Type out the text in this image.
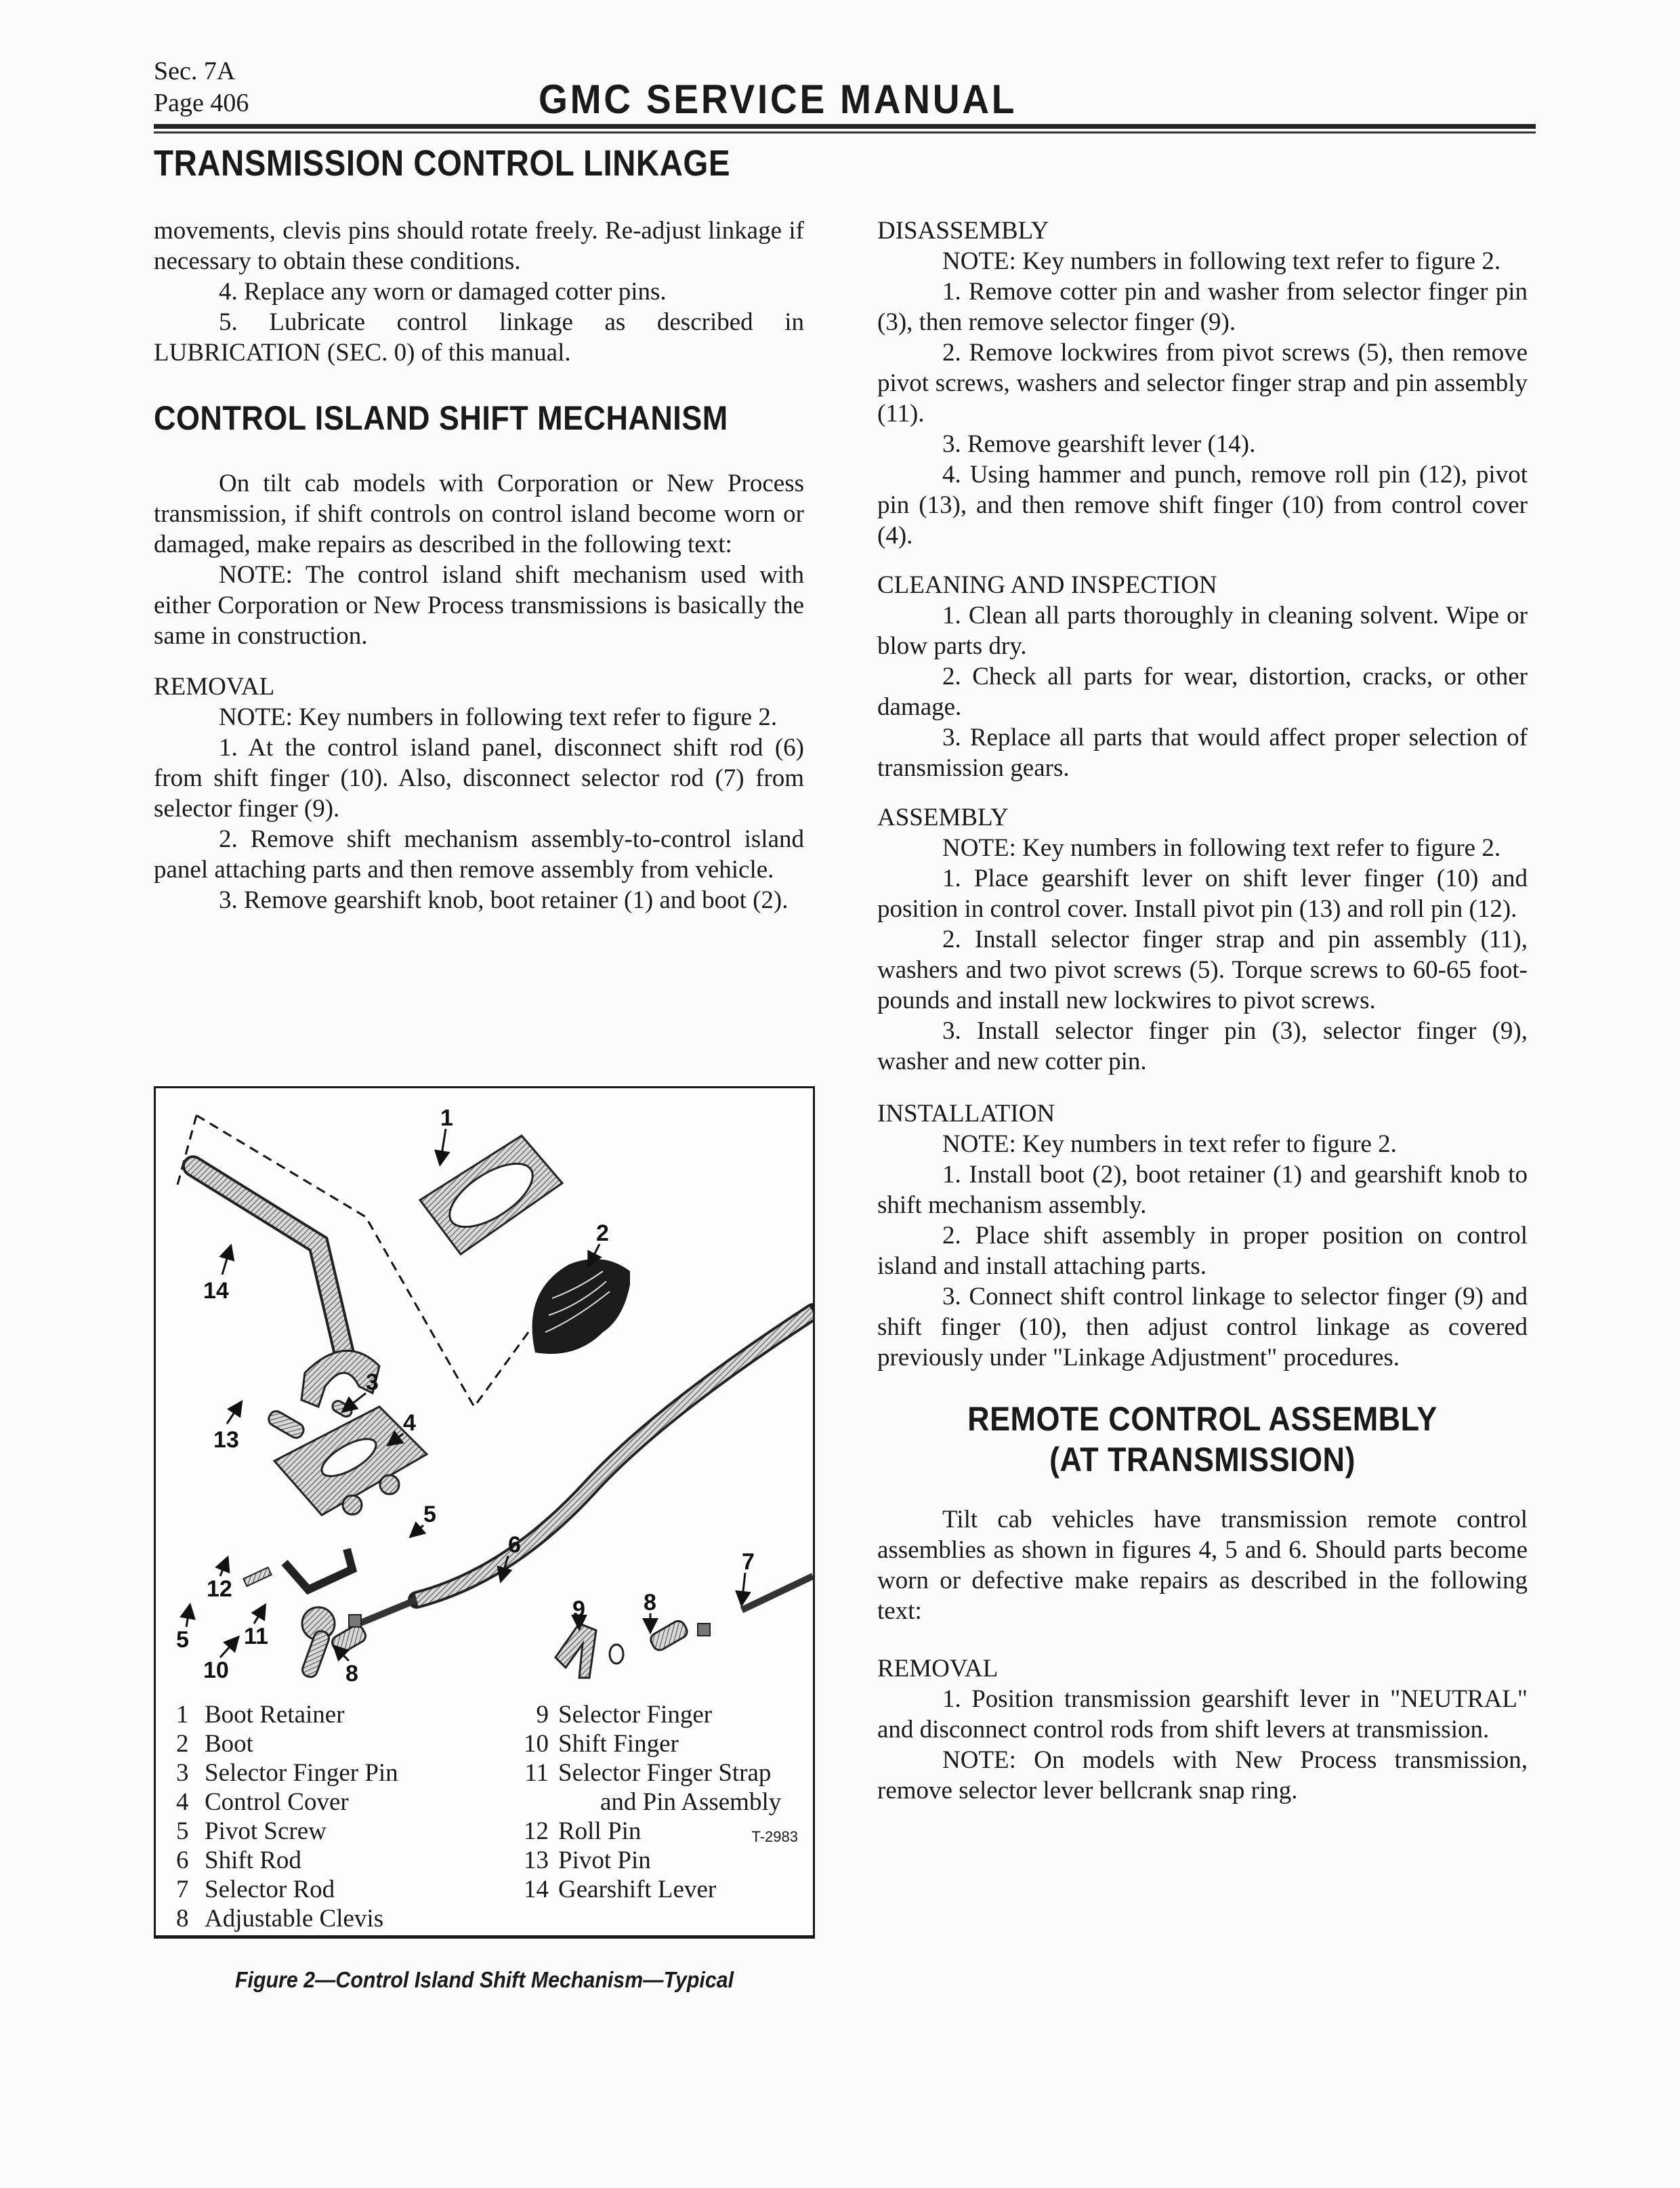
Sec. 7A
Page 406	GMC SERVICE MANUAL
TRANSMISSION CONTROL LINKAGE

movements, clevis pins should rotate freely. Re-adjust linkage if necessary to obtain these conditions.

4. Replace any worn or damaged cotter pins.

5. Lubricate control linkage as described in LUBRICATION (SEC. 0) of this manual.

CONTROL ISLAND SHIFT MECHANISM

On tilt cab models with Corporation or New Process transmission, if shift controls on control island become worn or damaged, make repairs as described in the following text:

NOTE: The control island shift mechanism used with either Corporation or New Process transmissions is basically the same in construction.

REMOVAL

NOTE: Key numbers in following text refer to figure 2.

1. At the control island panel, disconnect shift rod (6) from shift finger (10). Also, disconnect selector rod (7) from selector finger (9).

2. Remove shift mechanism assembly-to-control island panel attaching parts and then remove assembly from vehicle.

3. Remove gearshift knob, boot retainer (1) and boot (2).

1
2
3
4
5
5
6
7
8
8
9
10
11
12
13
14
1 Boot Retainer
2 Boot
3 Selector Finger Pin
4 Control Cover
5 Pivot Screw
6 Shift Rod
7 Selector Rod
8 Adjustable Clevis
9 Selector Finger
10 Shift Finger
11 Selector Finger Strap
and Pin Assembly
12 Roll Pin
13 Pivot Pin
14 Gearshift Lever
T-2983
Figure 2—Control Island Shift Mechanism—Typical

DISASSEMBLY

NOTE: Key numbers in following text refer to figure 2.

1. Remove cotter pin and washer from selector finger pin (3), then remove selector finger (9).

2. Remove lockwires from pivot screws (5), then remove pivot screws, washers and selector finger strap and pin assembly (11).

3. Remove gearshift lever (14).

4. Using hammer and punch, remove roll pin (12), pivot pin (13), and then remove shift finger (10) from control cover (4).

CLEANING AND INSPECTION

1. Clean all parts thoroughly in cleaning solvent. Wipe or blow parts dry.

2. Check all parts for wear, distortion, cracks, or other damage.

3. Replace all parts that would affect proper selection of transmission gears.

ASSEMBLY

NOTE: Key numbers in following text refer to figure 2.

1. Place gearshift lever on shift lever finger (10) and position in control cover. Install pivot pin (13) and roll pin (12).

2. Install selector finger strap and pin assembly (11), washers and two pivot screws (5). Torque screws to 60-65 foot-pounds and install new lockwires to pivot screws.

3. Install selector finger pin (3), selector finger (9), washer and new cotter pin.

INSTALLATION

NOTE: Key numbers in text refer to figure 2.

1. Install boot (2), boot retainer (1) and gearshift knob to shift mechanism assembly.

2. Place shift assembly in proper position on control island and install attaching parts.

3. Connect shift control linkage to selector finger (9) and shift finger (10), then adjust control linkage as covered previously under "Linkage Adjustment" procedures.

REMOTE CONTROL ASSEMBLY
(AT TRANSMISSION)

Tilt cab vehicles have transmission remote control assemblies as shown in figures 4, 5 and 6. Should parts become worn or defective make repairs as described in the following text:

REMOVAL

1. Position transmission gearshift lever in "NEUTRAL" and disconnect control rods from shift levers at transmission.

NOTE: On models with New Process transmission, remove selector lever bellcrank snap ring.
